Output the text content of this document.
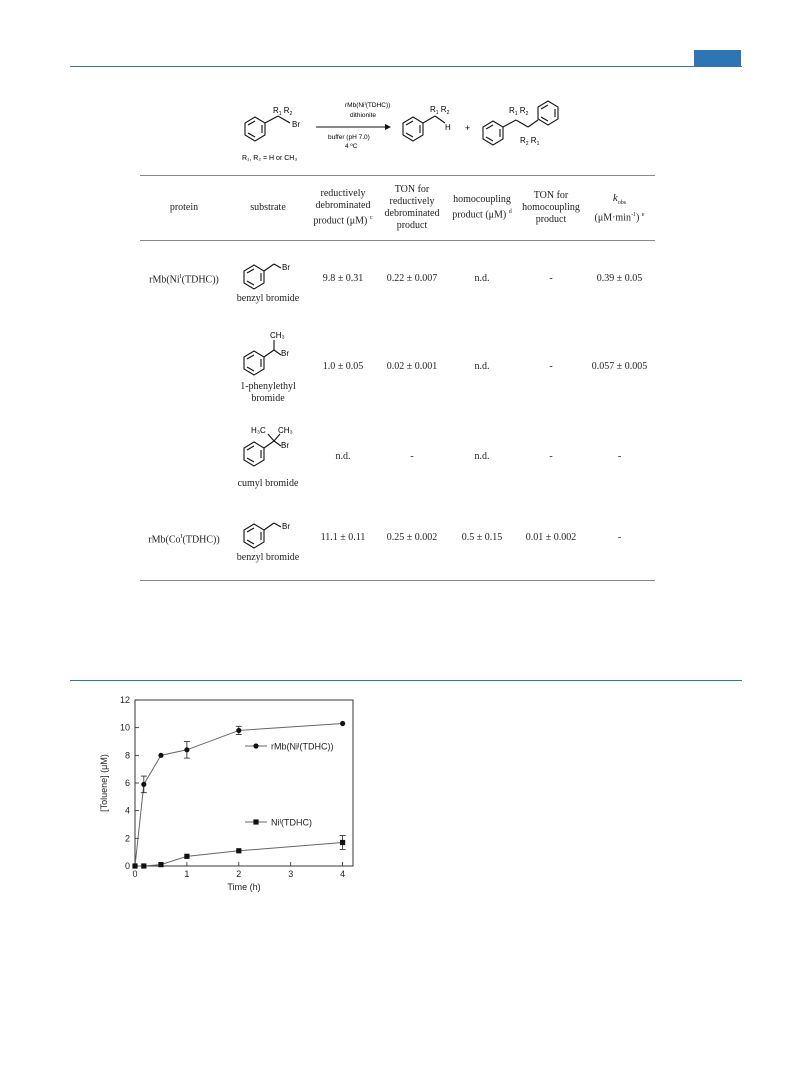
$R_1$ $R_2$
Br
R₁, R₂ = H or CH₃
$rMb(Ni^I(TDHC))$
dithionite
buffer (pH 7.0)
4 ºC
$R_1$ $R_2$
H +
$R_1$ $R_2$
$R_2$ $R_1$
protein	substrate	reductively debrominated product (μM) $^c$	TON for reductively debrominated product	homocoupling product (μM) $^d$	TON for homocoupling product	$k_{obs}$
$(\mu M\cdot\min^{-1})$ $^e$
$rMb(Ni^I(TDHC))$	Br
benzyl bromide	9.8 ± 0.31	0.22 ± 0.007	n.d.	-	0.39 ± 0.05

CH₃
Br
1-phenylethyl bromide	1.0 ± 0.05	0.02 ± 0.001	n.d.	-	0.057 ± 0.005

H₃C CH₃
Br
cumyl bromide	n.d.	-	n.d.	-	-
$rMb(Co^I(TDHC))$	Br
benzyl bromide	11.1 ± 0.11	0.25 ± 0.002	0.5 ± 0.15	0.01 ± 0.002	-
0
2
4
6
8
10
12
0	1	2	3	4
rMb(Niᴵ(TDHC))
Niᴵ(TDHC)
[Toluene] (μM)
Time (h)
